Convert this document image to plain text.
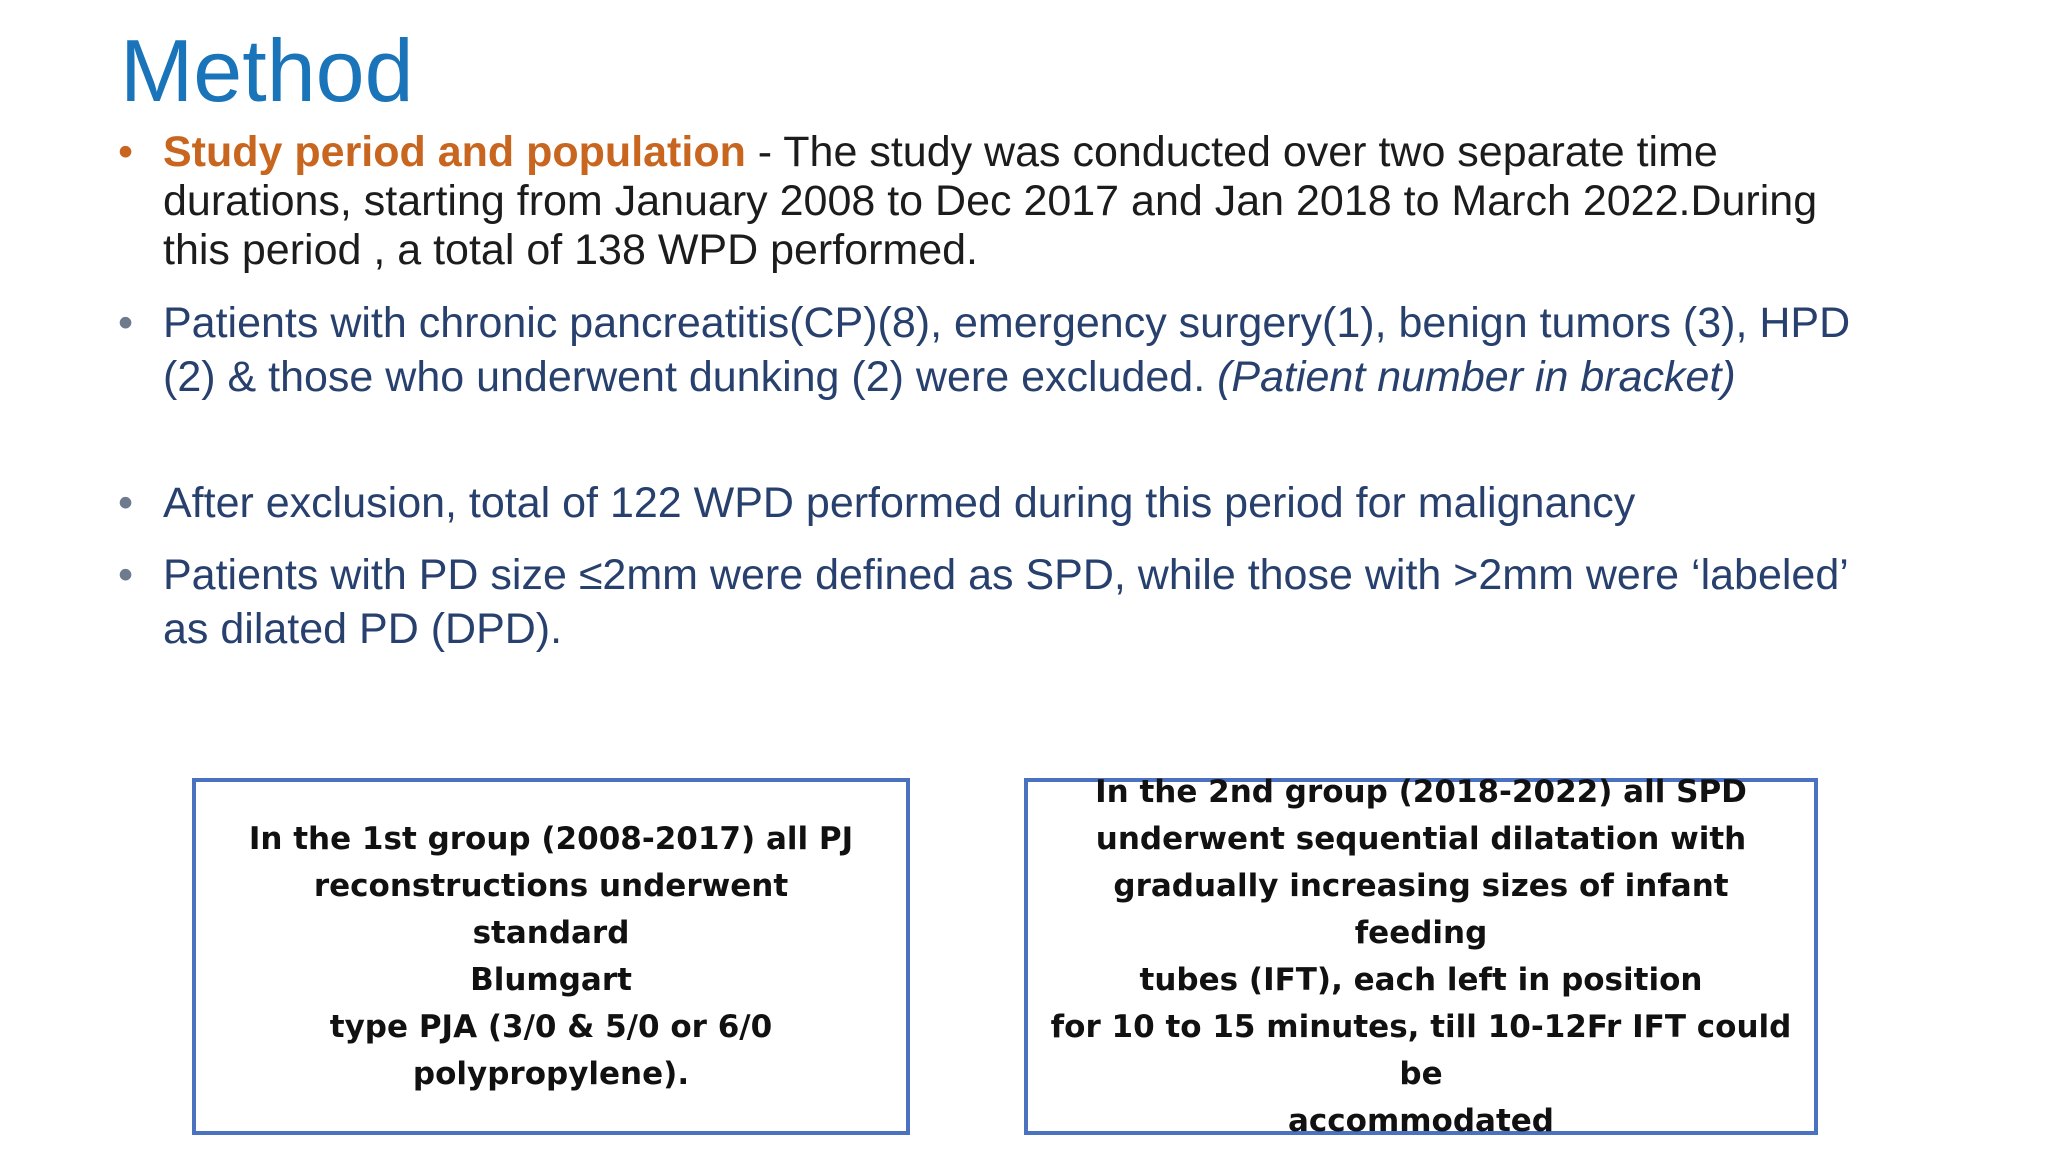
Method
• Study period and population - The study was conducted over two separate time durations, starting from January 2008 to Dec 2017 and Jan 2018 to March 2022.During this period , a total of 138 WPD performed.
• Patients with chronic pancreatitis(CP)(8), emergency surgery(1), benign tumors (3), HPD (2) & those who underwent dunking (2) were excluded. (Patient number in bracket)
• After exclusion, total of 122 WPD performed during this period for malignancy
• Patients with PD size ≤2mm were defined as SPD, while those with >2mm were ‘labeled’ as dilated PD (DPD).
In the 1st group (2008-2017) all PJ
reconstructions underwent standard
Blumgart
type PJA (3/0 & 5/0 or 6/0
polypropylene).
In the 2nd group (2018-2022) all SPD
underwent sequential dilatation with
gradually increasing sizes of infant feeding
tubes (IFT), each left in position
for 10 to 15 minutes, till 10-12Fr IFT could be
accommodated
